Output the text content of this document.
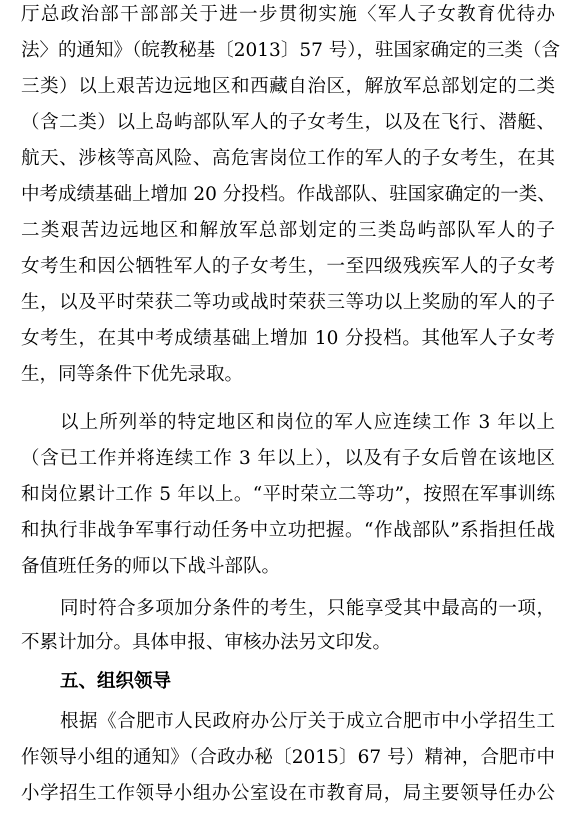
厅总政治部干部部关于进一步贯彻实施〈军人子女教育优待办
法〉的通知》（皖教秘基〔2013〕57 号），驻国家确定的三类（含
三类）以上艰苦边远地区和西藏自治区，解放军总部划定的二类
（含二类）以上岛屿部队军人的子女考生，以及在飞行、潜艇、
航天、涉核等高风险、高危害岗位工作的军人的子女考生，在其
中考成绩基础上增加 20 分投档。作战部队、驻国家确定的一类、
二类艰苦边远地区和解放军总部划定的三类岛屿部队军人的子
女考生和因公牺牲军人的子女考生，一至四级残疾军人的子女考
生，以及平时荣获二等功或战时荣获三等功以上奖励的军人的子
女考生，在其中考成绩基础上增加 10 分投档。其他军人子女考
生，同等条件下优先录取。
以上所列举的特定地区和岗位的军人应连续工作 3 年以上
（含已工作并将连续工作 3 年以上），以及有子女后曾在该地区
和岗位累计工作 5 年以上。“平时荣立二等功”，按照在军事训练
和执行非战争军事行动任务中立功把握。“作战部队”系指担任战
备值班任务的师以下战斗部队。
同时符合多项加分条件的考生，只能享受其中最高的一项，
不累计加分。具体申报、审核办法另文印发。
五、组织领导
根据《合肥市人民政府办公厅关于成立合肥市中小学招生工
作领导小组的通知》（合政办秘〔2015〕67 号）精神，合肥市中
小学招生工作领导小组办公室设在市教育局，局主要领导任办公
